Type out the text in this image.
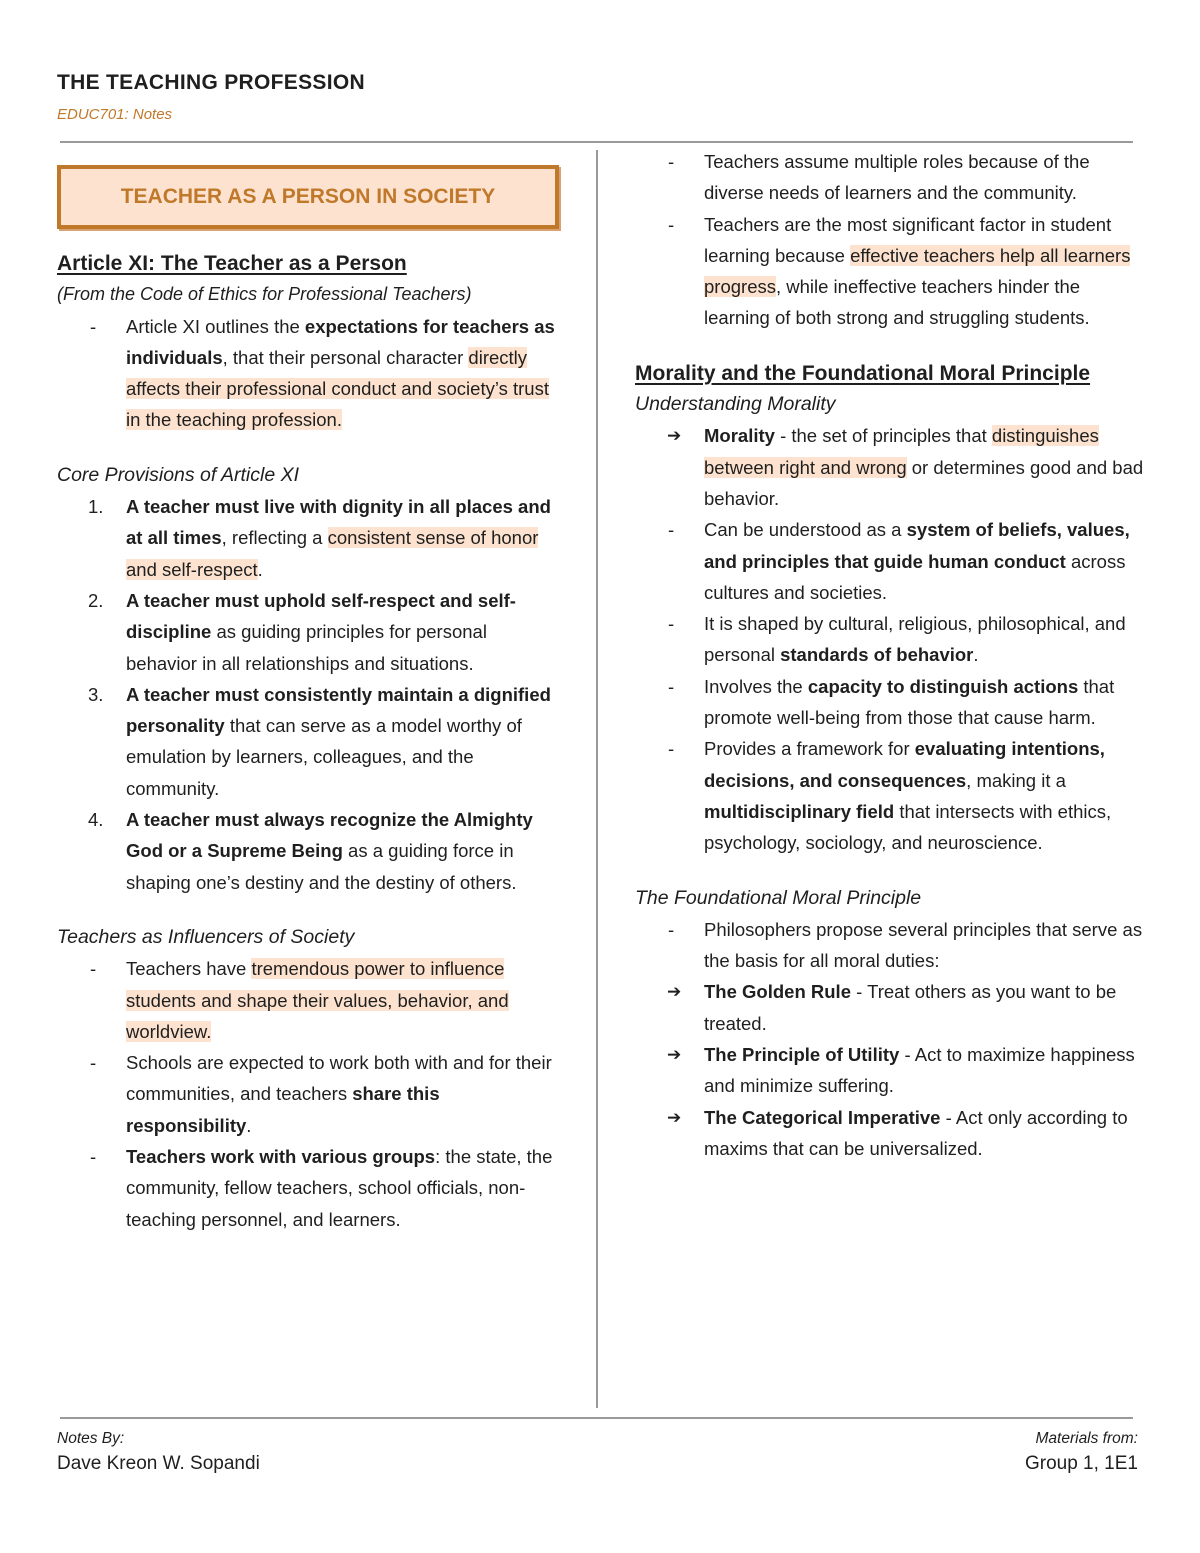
THE TEACHING PROFESSION
EDUC701: Notes
TEACHER AS A PERSON IN SOCIETY
Article XI: The Teacher as a Person
(From the Code of Ethics for Professional Teachers)
- Article XI outlines the expectations for teachers as individuals, that their personal character directly affects their professional conduct and society’s trust in the teaching profession.
Core Provisions of Article XI
1. A teacher must live with dignity in all places and at all times, reflecting a consistent sense of honor and self-respect.
2. A teacher must uphold self-respect and self-discipline as guiding principles for personal behavior in all relationships and situations.
3. A teacher must consistently maintain a dignified personality that can serve as a model worthy of emulation by learners, colleagues, and the community.
4. A teacher must always recognize the Almighty God or a Supreme Being as a guiding force in shaping one’s destiny and the destiny of others.
Teachers as Influencers of Society
- Teachers have tremendous power to influence students and shape their values, behavior, and worldview.
- Schools are expected to work both with and for their communities, and teachers share this responsibility.
- Teachers work with various groups: the state, the community, fellow teachers, school officials, non-teaching personnel, and learners.
- Teachers assume multiple roles because of the diverse needs of learners and the community.
- Teachers are the most significant factor in student learning because effective teachers help all learners progress, while ineffective teachers hinder the learning of both strong and struggling students.
Morality and the Foundational Moral Principle
Understanding Morality
➔ Morality - the set of principles that distinguishes between right and wrong or determines good and bad behavior.
- Can be understood as a system of beliefs, values, and principles that guide human conduct across cultures and societies.
- It is shaped by cultural, religious, philosophical, and personal standards of behavior.
- Involves the capacity to distinguish actions that promote well-being from those that cause harm.
- Provides a framework for evaluating intentions, decisions, and consequences, making it a multidisciplinary field that intersects with ethics, psychology, sociology, and neuroscience.
The Foundational Moral Principle
- Philosophers propose several principles that serve as the basis for all moral duties:
➔ The Golden Rule - Treat others as you want to be treated.
➔ The Principle of Utility - Act to maximize happiness and minimize suffering.
➔ The Categorical Imperative - Act only according to maxims that can be universalized.
Notes By:
Dave Kreon W. Sopandi
Materials from:
Group 1, 1E1
